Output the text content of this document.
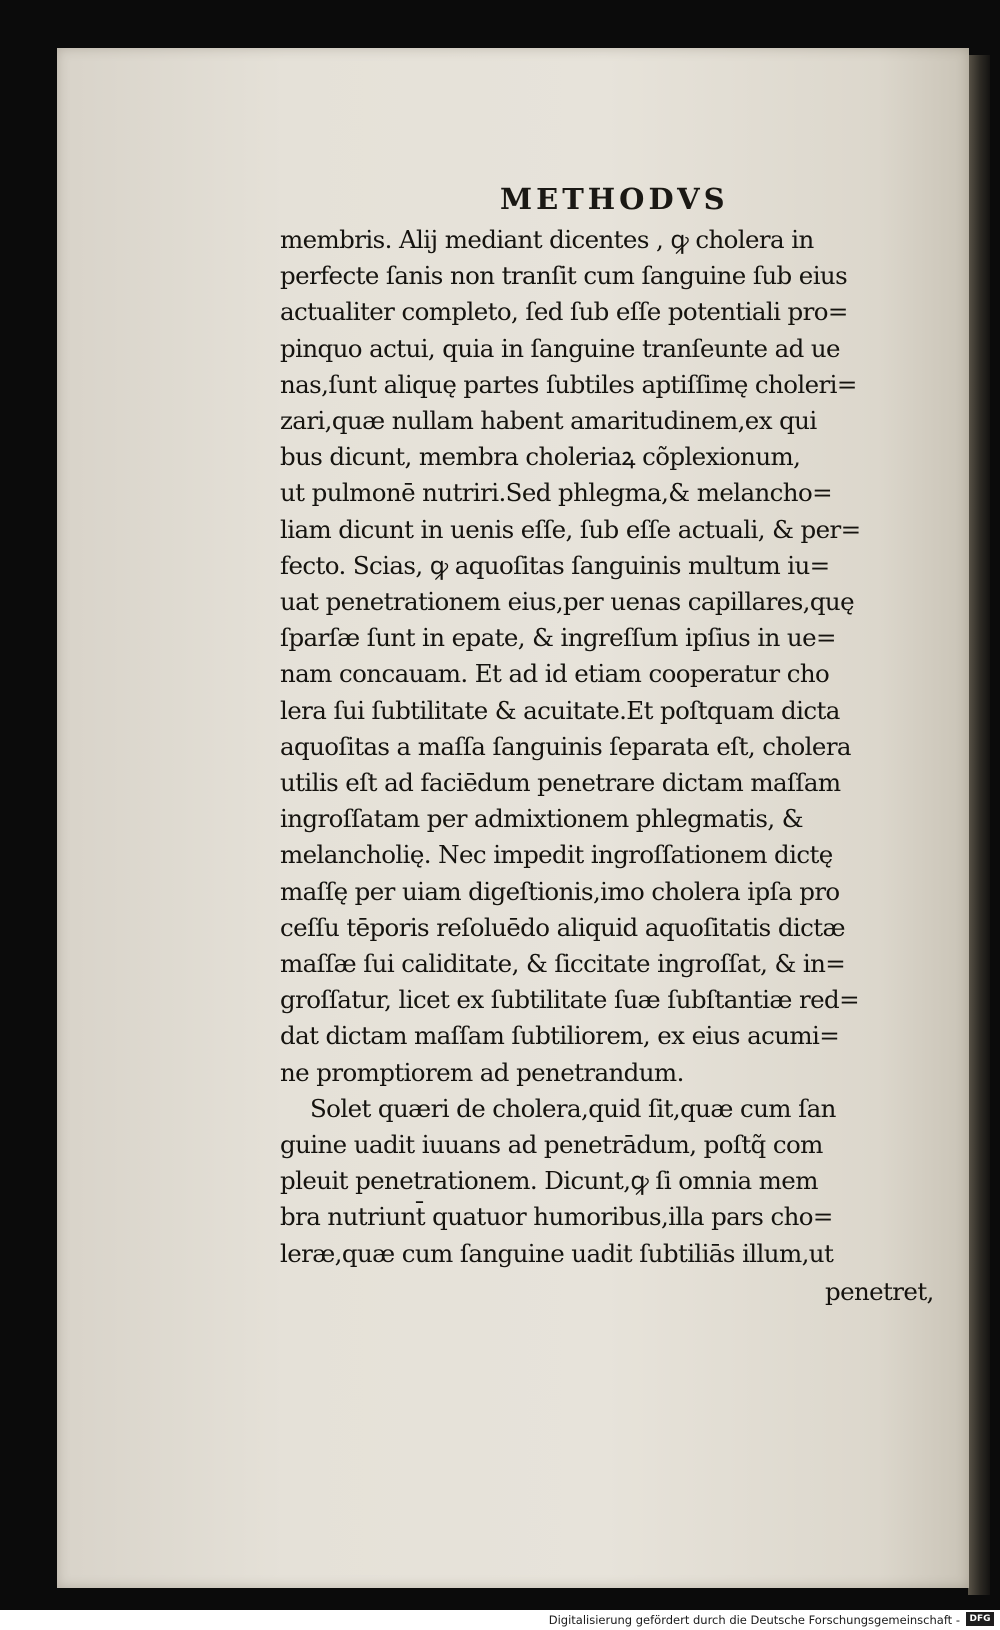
METHODVS
membris. Alij mediant dicentes , ꝙ cholera in
perfecte ſanis non tranſit cum ſanguine ſub eius
actualiter completo, ſed ſub eſſe potentiali pro=
pinquo actui, quia in ſanguine tranſeunte ad ue
nas,ſunt aliquę partes ſubtiles aptiſſimę choleri=
zari,quæ nullam habent amaritudinem,ex qui
bus dicunt, membra choleriaꝝ cõplexionum,
ut pulmonē nutriri.Sed phlegma,& melancho=
liam dicunt in uenis eſſe, ſub eſſe actuali, & per=
fecto. Scias, ꝙ aquoſitas ſanguinis multum iu=
uat penetrationem eius,per uenas capillares,quę
ſparſæ ſunt in epate, & ingreſſum ipſius in ue=
nam concauam. Et ad id etiam cooperatur cho
lera ſui ſubtilitate & acuitate.Et poſtquam dicta
aquoſitas a maſſa ſanguinis ſeparata eſt, cholera
utilis eſt ad faciēdum penetrare dictam maſſam
ingroſſatam per admixtionem phlegmatis, &
melancholię. Nec impedit ingroſſationem dictę
maſſę per uiam digeſtionis,imo cholera ipſa pro
ceſſu tēporis reſoluēdo aliquid aquoſitatis dictæ
maſſæ ſui caliditate, & ſiccitate ingroſſat, & in=
groſſatur, licet ex ſubtilitate ſuæ ſubſtantiæ red=
dat dictam maſſam ſubtiliorem, ex eius acumi=
ne promptiorem ad penetrandum.
Solet quæri de cholera,quid ſit,quæ cum ſan
guine uadit iuuans ad penetrādum, poſtq̃ com
pleuit penetrationem. Dicunt,ꝙ ſi omnia mem
bra nutriunt̄ quatuor humoribus,illa pars cho=
leræ,quæ cum ſanguine uadit ſubtiliās illum,ut
penetret,
Digitalisierung gefördert durch die Deutsche Forschungsgemeinschaft -	DFG
